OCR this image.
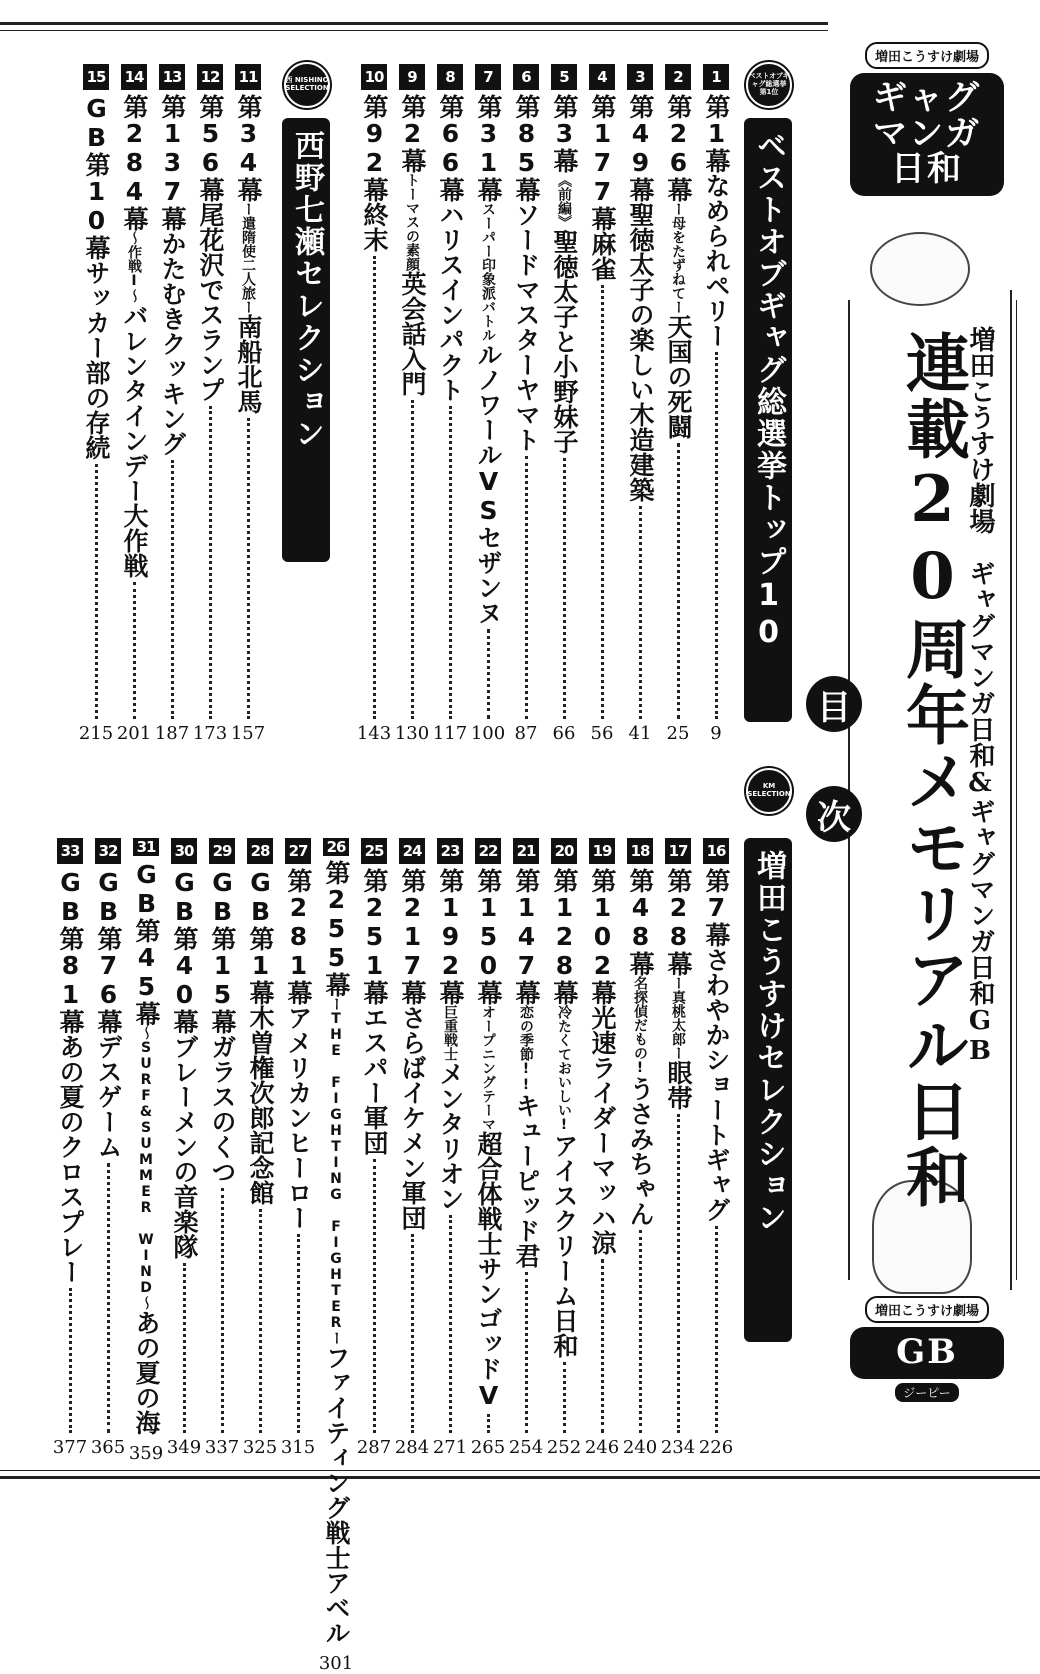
増田こうすけ劇場
ギャグ
マンガ
日和
増田こうすけ劇場
GB
ジーピー
増田こうすけ劇場　ギャグマンガ日和&ギャグマンガ日和GB
連載20周年メモリアル日和
目
次
ベストオブギャグ総選挙トップ10
ベストオブギャグ総選挙 第1位
西野七瀬セレクション
西 NISHINO SELECTION
増田こうすけセレクション
KM SELECTION
1
第1幕なめられペリー
9
2
第26幕ー母をたずねてー天国の死闘
25
3
第49幕聖徳太子の楽しい木造建築
41
4
第177幕麻雀
56
5
第3幕《前編》聖徳太子と小野妹子
66
6
第85幕ソードマスターヤマト
87
7
第31幕スーパー印象派バトルルノワールVSセザンヌ
100
8
第66幕ハリスインパクト
117
9
第2幕トーマスの素顔英会話入門
130
10
第92幕終末
143
11
第34幕ー遣隋使二人旅ー南船北馬
157
12
第56幕尾花沢でスランプ
173
13
第137幕かたむきクッキング
187
14
第284幕〜作戦I〜バレンタインデー大作戦
201
15
GB第10幕サッカー部の存続
215
16
第7幕さわやかショートギャグ
226
17
第28幕ー真桃太郎ー眼帯
234
18
第48幕名探偵だもの!うさみちゃん
240
19
第102幕光速ライダーマッハ涼
246
20
第128幕冷たくておいしい!アイスクリーム日和
252
21
第147幕恋の季節!!キューピッド君
254
22
第150幕オープニングテーマ超合体戦士サンゴッドV
265
23
第192幕巨重戦士メンタリオン
271
24
第217幕さらばイケメン軍団
284
25
第251幕エスパー軍団
287
26
第255幕ーTHE FIGHTING FIGHTERーファイティング戦士アベル
301
27
第281幕アメリカンヒーロー
315
28
GB第1幕木曽権次郎記念館
325
29
GB第15幕ガラスのくつ
337
30
GB第40幕ブレーメンの音楽隊
349
31
GB第45幕〜SURF&SUMMER WIND〜あの夏の海
359
32
GB第76幕デスゲーム
365
33
GB第81幕あの夏のクロスプレー
377
